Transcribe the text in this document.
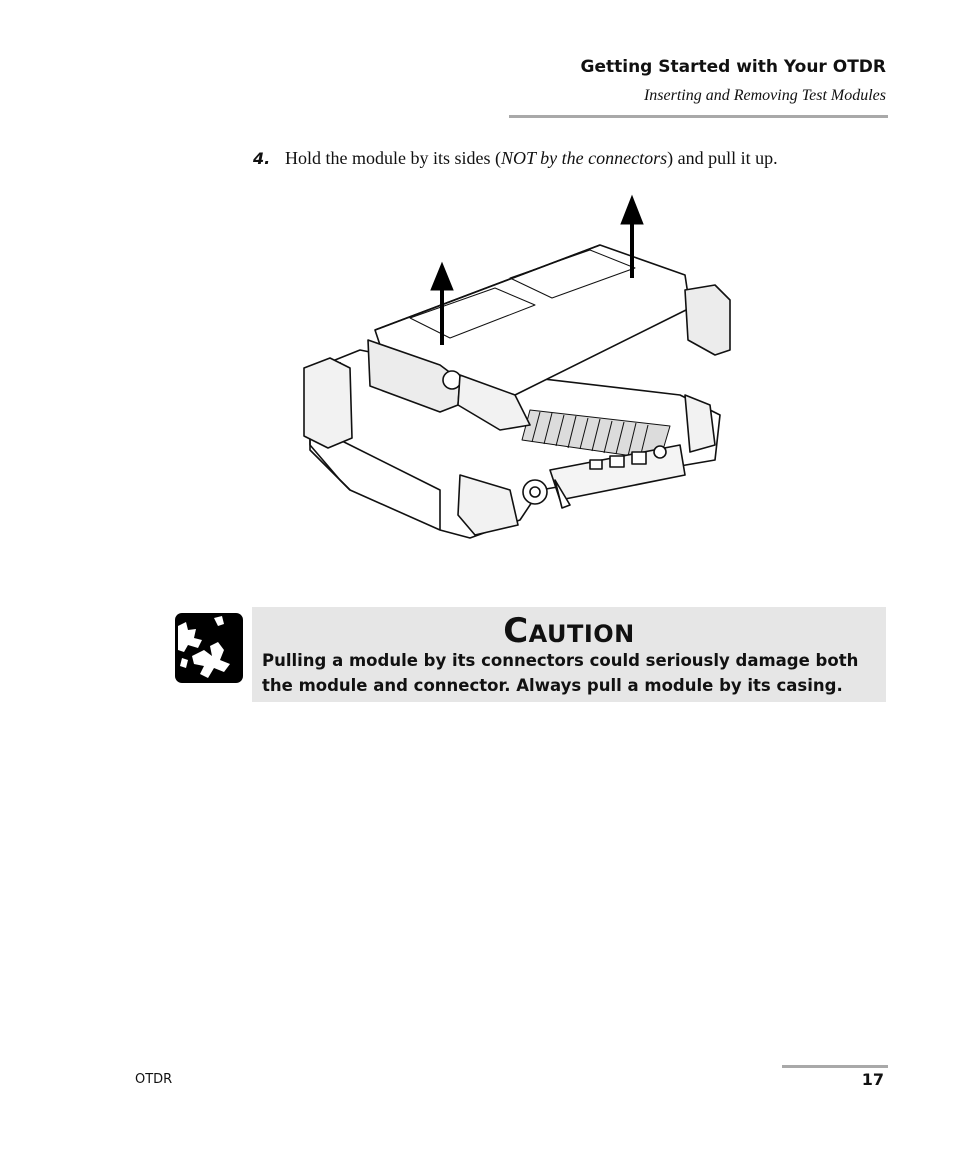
Getting Started with Your OTDR
Inserting and Removing Test Modules
4. Hold the module by its sides (NOT by the connectors) and pull it up.
CAUTION
Pulling a module by its connectors could seriously damage both the module and connector. Always pull a module by its casing.
OTDR	17
